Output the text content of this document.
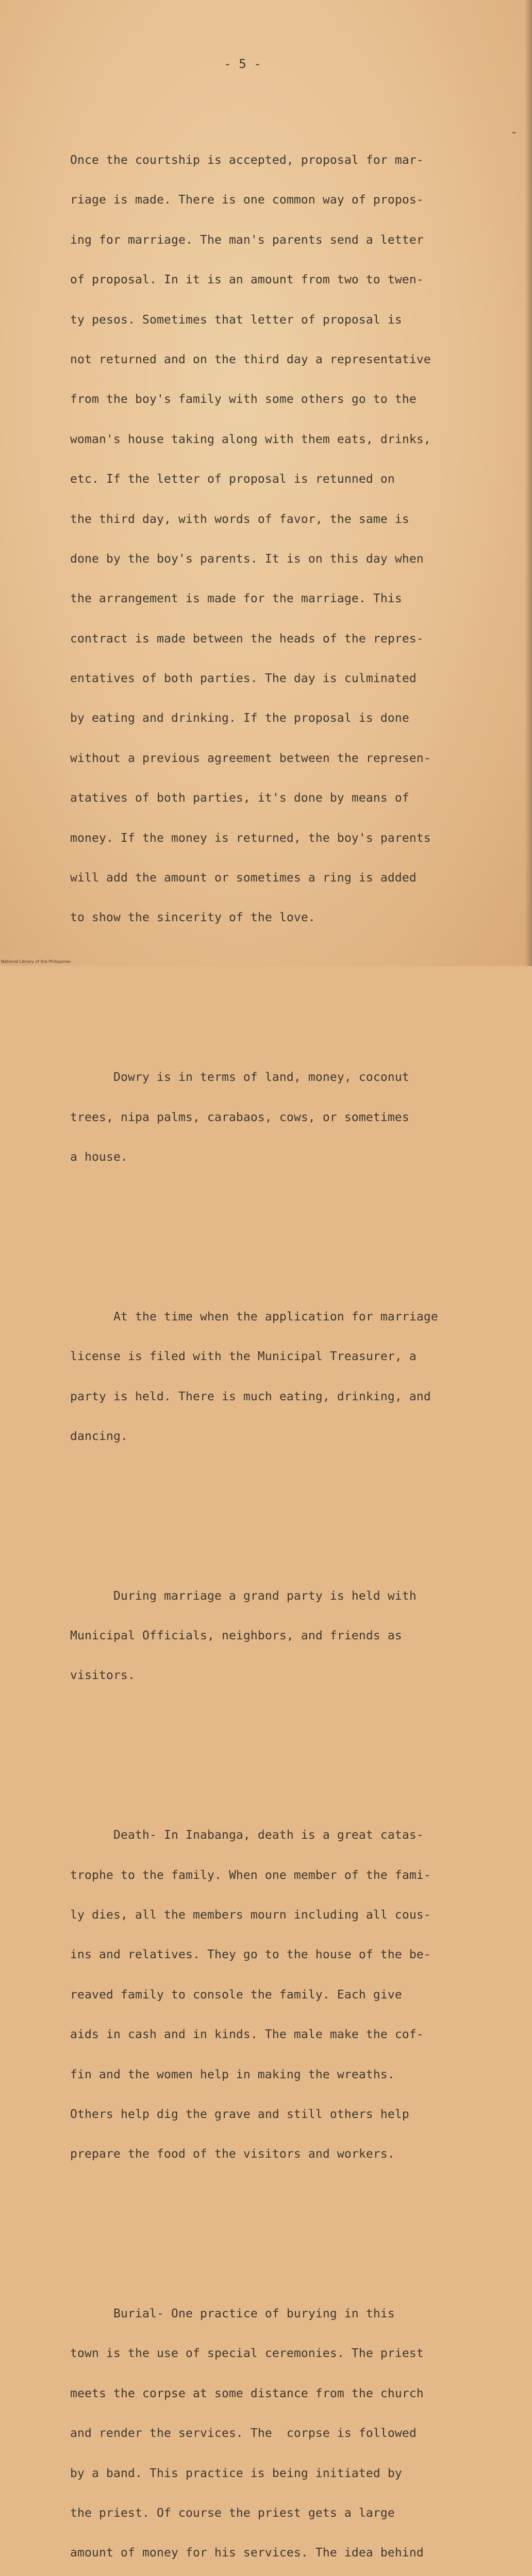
- 5 -
-

Once the courtship is accepted, proposal for mar-

riage is made. There is one common way of propos-

ing for marriage. The man's parents send a letter

of proposal. In it is an amount from two to twen-

ty pesos. Sometimes that letter of proposal is

not returned and on the third day a representative

from the boy's family with some others go to the

woman's house taking along with them eats, drinks,

etc. If the letter of proposal is retunned on

the third day, with words of favor, the same is

done by the boy's parents. It is on this day when

the arrangement is made for the marriage. This

contract is made between the heads of the repres-

entatives of both parties. The day is culminated

by eating and drinking. If the proposal is done

without a previous agreement between the represen-

atatives of both parties, it's done by means of

money. If the money is returned, the boy's parents

will add the amount or sometimes a ring is added

to show the sincerity of the love.

Dowry is in terms of land, money, coconut

trees, nipa palms, carabaos, cows, or sometimes

a house.

At the time when the application for marriage

license is filed with the Municipal Treasurer, a

party is held. There is much eating, drinking, and

dancing.

During marriage a grand party is held with

Municipal Officials, neighbors, and friends as

visitors.

Death- In Inabanga, death is a great catas-

trophe to the family. When one member of the fami-

ly dies, all the members mourn including all cous-

ins and relatives. They go to the house of the be-

reaved family to console the family. Each give

aids in cash and in kinds. The male make the cof-

fin and the women help in making the wreaths.

Others help dig the grave and still others help

prepare the food of the visitors and workers.

Burial- One practice of burying in this

town is the use of special ceremonies. The priest

meets the corpse at some distance from the church

and render the services. The  corpse is followed

by a band. This practice is being initiated by

the priest. Of course the priest gets a large

amount of money for his services. The idea behind

National Library of the Philippines
